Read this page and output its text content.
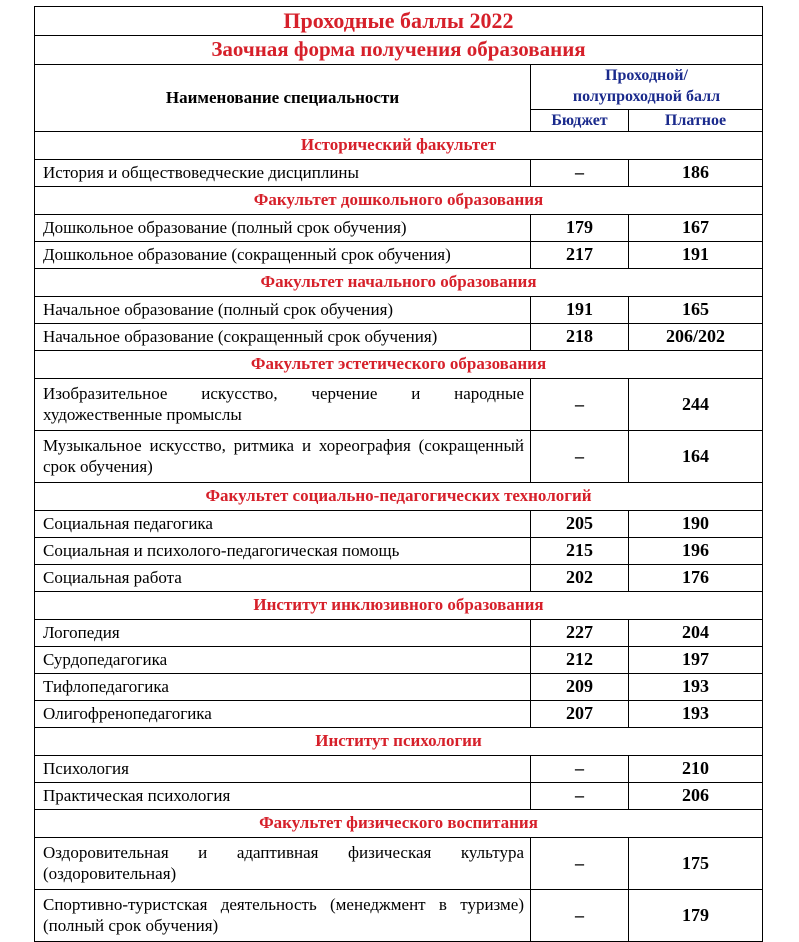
Проходные баллы 2022		
Заочная форма получения образования		
Наименование специальности	Проходной/ полупроходной балл	

	Бюджет	Платное
Исторический факультет		
История и обществоведческие дисциплины	–	186
Факультет дошкольного образования		
Дошкольное образование (полный срок обучения)	179	167
Дошкольное образование (сокращенный срок обучения)	217	191
Факультет начального образования		
Начальное образование (полный срок обучения)	191	165
Начальное образование (сокращенный срок обучения)	218	206/202
Факультет эстетического образования		
Изобразительное искусство, черчение и народные художественные промыслы	–	244
Музыкальное искусство, ритмика и хореография (сокращенный срок обучения)	–	164
Факультет социально-педагогических технологий		
Социальная педагогика	205	190
Социальная и психолого-педагогическая помощь	215	196
Социальная работа	202	176
Институт инклюзивного образования		
Логопедия	227	204
Сурдопедагогика	212	197
Тифлопедагогика	209	193
Олигофренопедагогика	207	193
Институт психологии		
Психология	–	210
Практическая психология	–	206
Факультет физического воспитания		
Оздоровительная и адаптивная физическая культура (оздоровительная)	–	175
Спортивно-туристская деятельность (менеджмент в туризме) (полный срок обучения)	–	179
